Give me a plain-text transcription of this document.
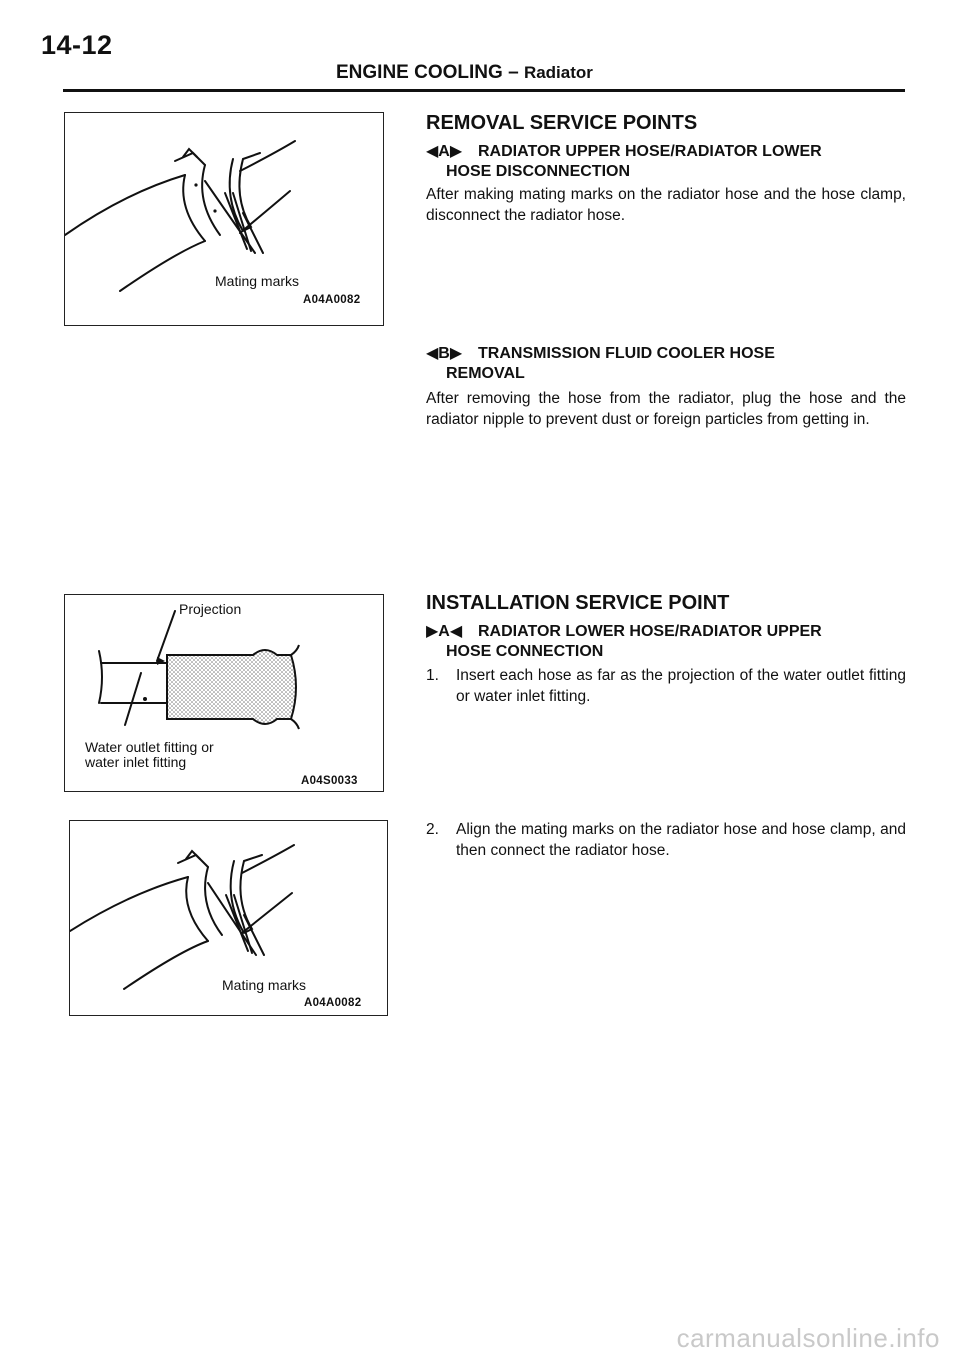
14-12
ENGINE COOLING – Radiator
Mating marks
A04A0082
Projection
Water outlet fitting or
water inlet fitting
A04S0033
Mating marks
A04A0082
REMOVAL SERVICE POINTS
◀A▶ RADIATOR UPPER HOSE/RADIATOR LOWER
HOSE DISCONNECTION
After making mating marks on the radiator hose and the hose clamp, disconnect the radiator hose.
◀B▶ TRANSMISSION FLUID COOLER HOSE
REMOVAL
After removing the hose from the radiator, plug the hose and the radiator nipple to prevent dust or foreign particles from getting in.
INSTALLATION SERVICE POINT
▶A◀ RADIATOR LOWER HOSE/RADIATOR UPPER
HOSE CONNECTION
1. Insert each hose as far as the projection of the water outlet fitting or water inlet fitting.
2. Align the mating marks on the radiator hose and hose clamp, and then connect the radiator hose.
carmanualsonline.info
